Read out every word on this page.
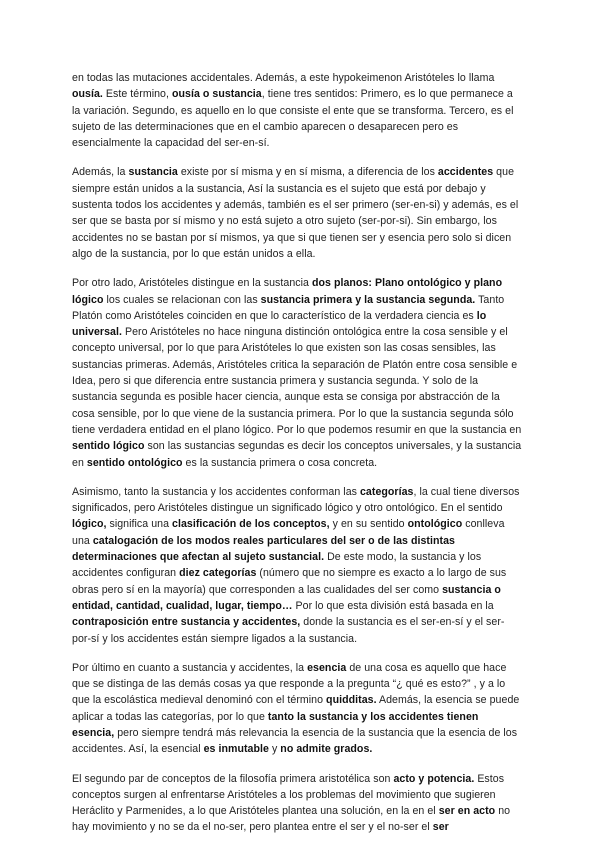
en todas las mutaciones accidentales. Además, a este hypokeimenon Aristóteles lo llama ousía. Este término, ousía o sustancia, tiene tres sentidos: Primero, es lo que permanece a la variación. Segundo, es aquello en lo que consiste el ente que se transforma. Tercero, es el sujeto de las determinaciones que en el cambio aparecen o desaparecen pero es esencialmente la capacidad del ser-en-sí.

Además, la sustancia existe por sí misma y en sí misma, a diferencia de los accidentes que siempre están unidos a la sustancia, Así la sustancia es el sujeto que está por debajo y sustenta todos los accidentes y además, también es el ser primero (ser-en-si) y además, es el ser que se basta por sí mismo y no está sujeto a otro sujeto (ser-por-si). Sin embargo, los accidentes no se bastan por sí mismos, ya que si que tienen ser y esencia pero solo si dicen algo de la sustancia, por lo que están unidos a ella.

Por otro lado, Aristóteles distingue en la sustancia dos planos: Plano ontológico y plano lógico los cuales se relacionan con las sustancia primera y la sustancia segunda. Tanto Platón como Aristóteles coinciden en que lo característico de la verdadera ciencia es lo universal. Pero Aristóteles no hace ninguna distinción ontológica entre la cosa sensible y el concepto universal, por lo que para Aristóteles lo que existen son las cosas sensibles, las sustancias primeras. Además, Aristóteles critica la separación de Platón entre cosa sensible e Idea, pero si que diferencia entre sustancia primera y sustancia segunda. Y solo de la sustancia segunda es posible hacer ciencia, aunque esta se consiga por abstracción de la cosa sensible, por lo que viene de la sustancia primera. Por lo que la sustancia segunda sólo tiene verdadera entidad en el plano lógico. Por lo que podemos resumir en que la sustancia en sentido lógico son las sustancias segundas es decir los conceptos universales, y la sustancia en sentido ontológico es la sustancia primera o cosa concreta.

Asimismo, tanto la sustancia y los accidentes conforman las categorías, la cual tiene diversos significados, pero Aristóteles distingue un significado lógico y otro ontológico. En el sentido lógico, significa una clasificación de los conceptos, y en su sentido ontológico conlleva una catalogación de los modos reales particulares del ser o de las distintas determinaciones que afectan al sujeto sustancial. De este modo, la sustancia y los accidentes configuran diez categorías (número que no siempre es exacto a lo largo de sus obras pero sí en la mayoría) que corresponden a las cualidades del ser como sustancia o entidad, cantidad, cualidad, lugar, tiempo… Por lo que esta división está basada en la contraposición entre sustancia y accidentes, donde la sustancia es el ser-en-sí y el ser-por-sí y los accidentes están siempre ligados a la sustancia.

Por último en cuanto a sustancia y accidentes, la esencia de una cosa es aquello que hace que se distinga de las demás cosas ya que responde a la pregunta “¿ qué es esto?” , y a lo que la escolástica medieval denominó con el término quidditas. Además, la esencia se puede aplicar a todas las categorías, por lo que tanto la sustancia y los accidentes tienen esencia, pero siempre tendrá más relevancia la esencia de la sustancia que la esencia de los accidentes. Así, la esencial es inmutable y no admite grados.

El segundo par de conceptos de la filosofía primera aristotélica son acto y potencia. Estos conceptos surgen al enfrentarse Aristóteles a los problemas del movimiento que sugieren Heráclito y Parmenides, a lo que Aristóteles plantea una solución, en la en el ser en acto no hay movimiento y no se da el no-ser, pero plantea entre el ser y el no-ser el ser
